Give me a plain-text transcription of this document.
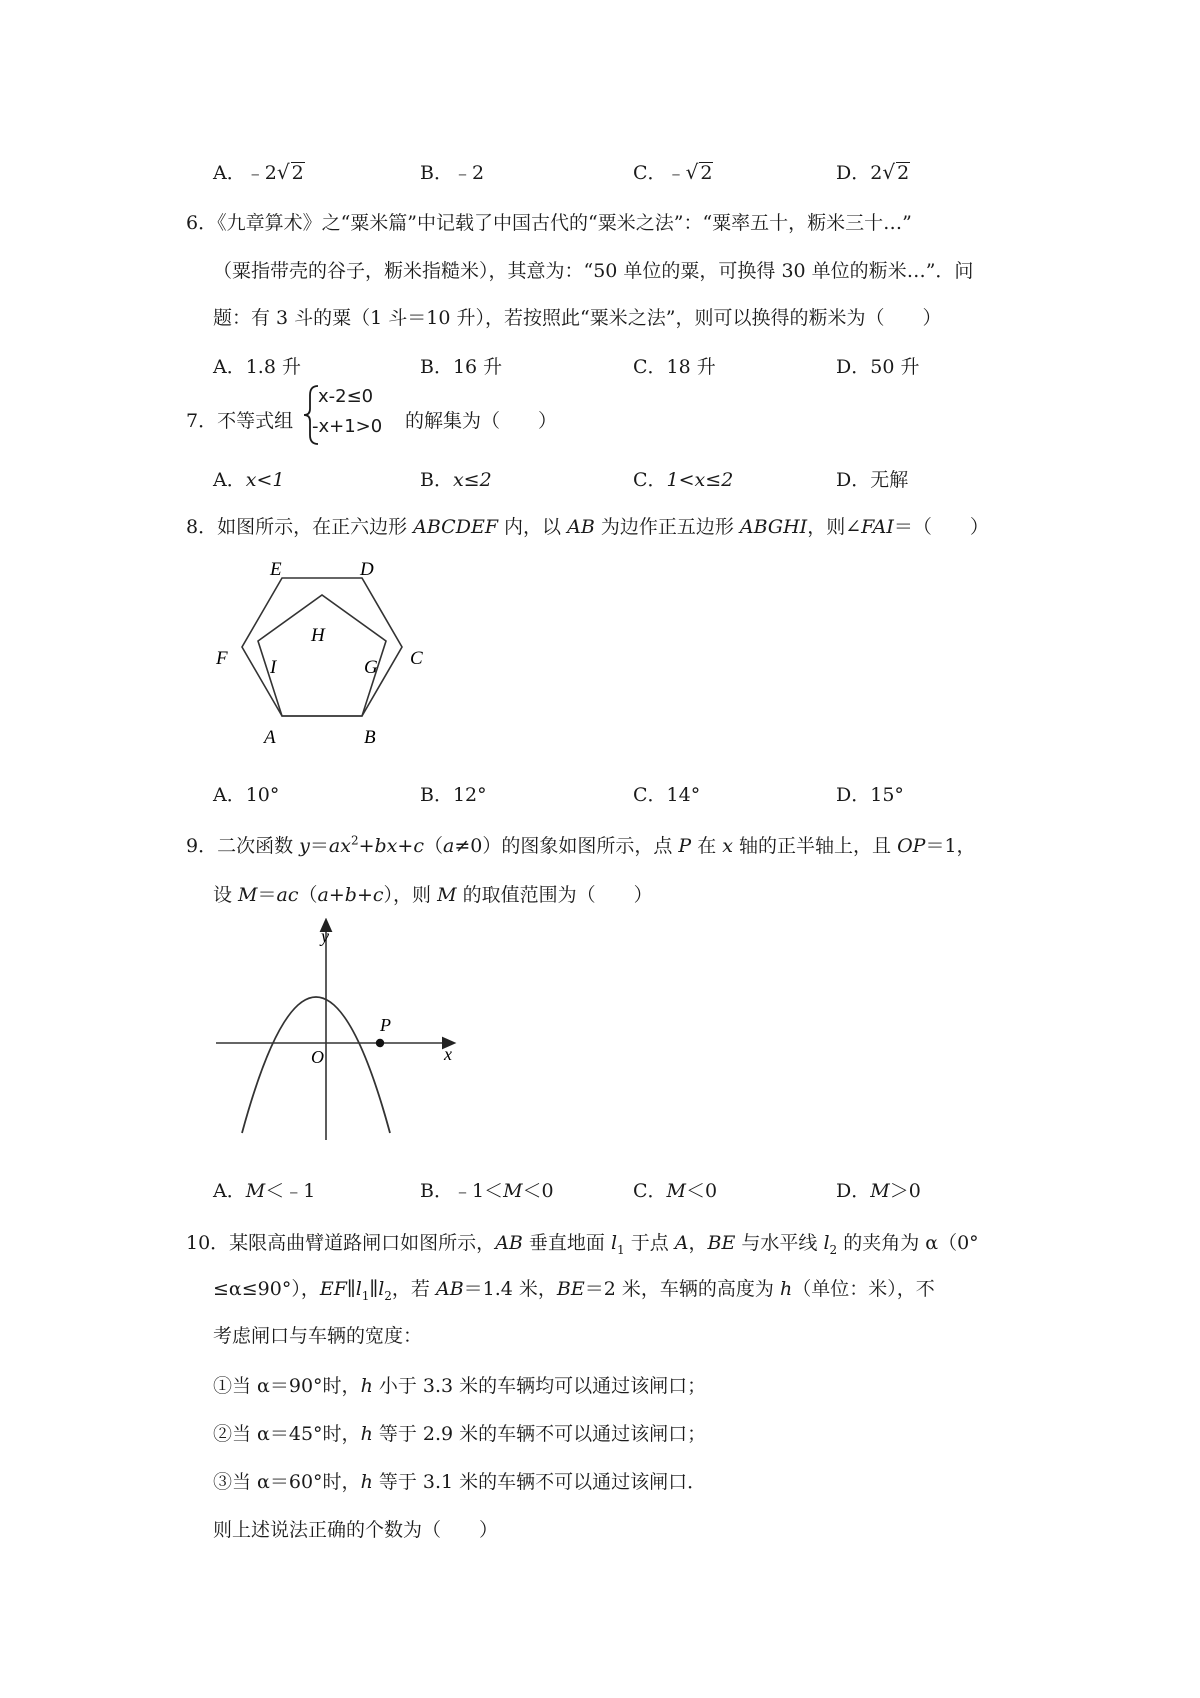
A．﹣2√ 2	B．﹣2	C．﹣√ 2	D．2√ 2
6．《九章算术》之“粟米篇”中记载了中国古代的“粟米之法”：“粟率五十，粝米三十…”
（粟指带壳的谷子，粝米指糙米），其意为：“50 单位的粟，可换得 30 单位的粝米…”．问
题：有 3 斗的粟（1 斗＝10 升），若按照此“粟米之法”，则可以换得的粝米为（　　）
A．1.8 升	B．16 升	C．18 升	D．50 升
7．不等式组
x-2≤0
-x+1>0 的解集为（　　）
A．x<1	B．x≤2	C．1<x≤2	D．无解
8．如图所示，在正六边形 ABCDEF 内，以 AB 为边作正五边形 ABGHI，则∠FAI＝（　　）
E	D
F	C
H
I	G
A	B
A．10°	B．12°	C．14°	D．15°
9．二次函数 $y=ax^2+bx+c(a\ne 0)$的图象如图所示，点 P 在 x 轴的正半轴上，且 OP＝1，
设 M＝ac（a+b+c），则 M 的取值范围为（　　）
y
x
O
P
A．M＜﹣1	B．﹣1＜M＜0	C．M＜0	D．M＞0
10．某限高曲臂道路闸口如图所示，AB 垂直地面 $l_1$ 于点 A，BE 与水平线 $l_2$ 的夹角为 α（0°
≤α≤90°），$EF\parallel l_1\parallel l_2$，若 AB＝1.4 米，BE＝2 米，车辆的高度为 h（单位：米），不
考虑闸口与车辆的宽度：
①当 α＝90°时，h 小于 3.3 米的车辆均可以通过该闸口；
②当 α＝45°时，h 等于 2.9 米的车辆不可以通过该闸口；
③当 α＝60°时，h 等于 3.1 米的车辆不可以通过该闸口．
则上述说法正确的个数为（　　）
